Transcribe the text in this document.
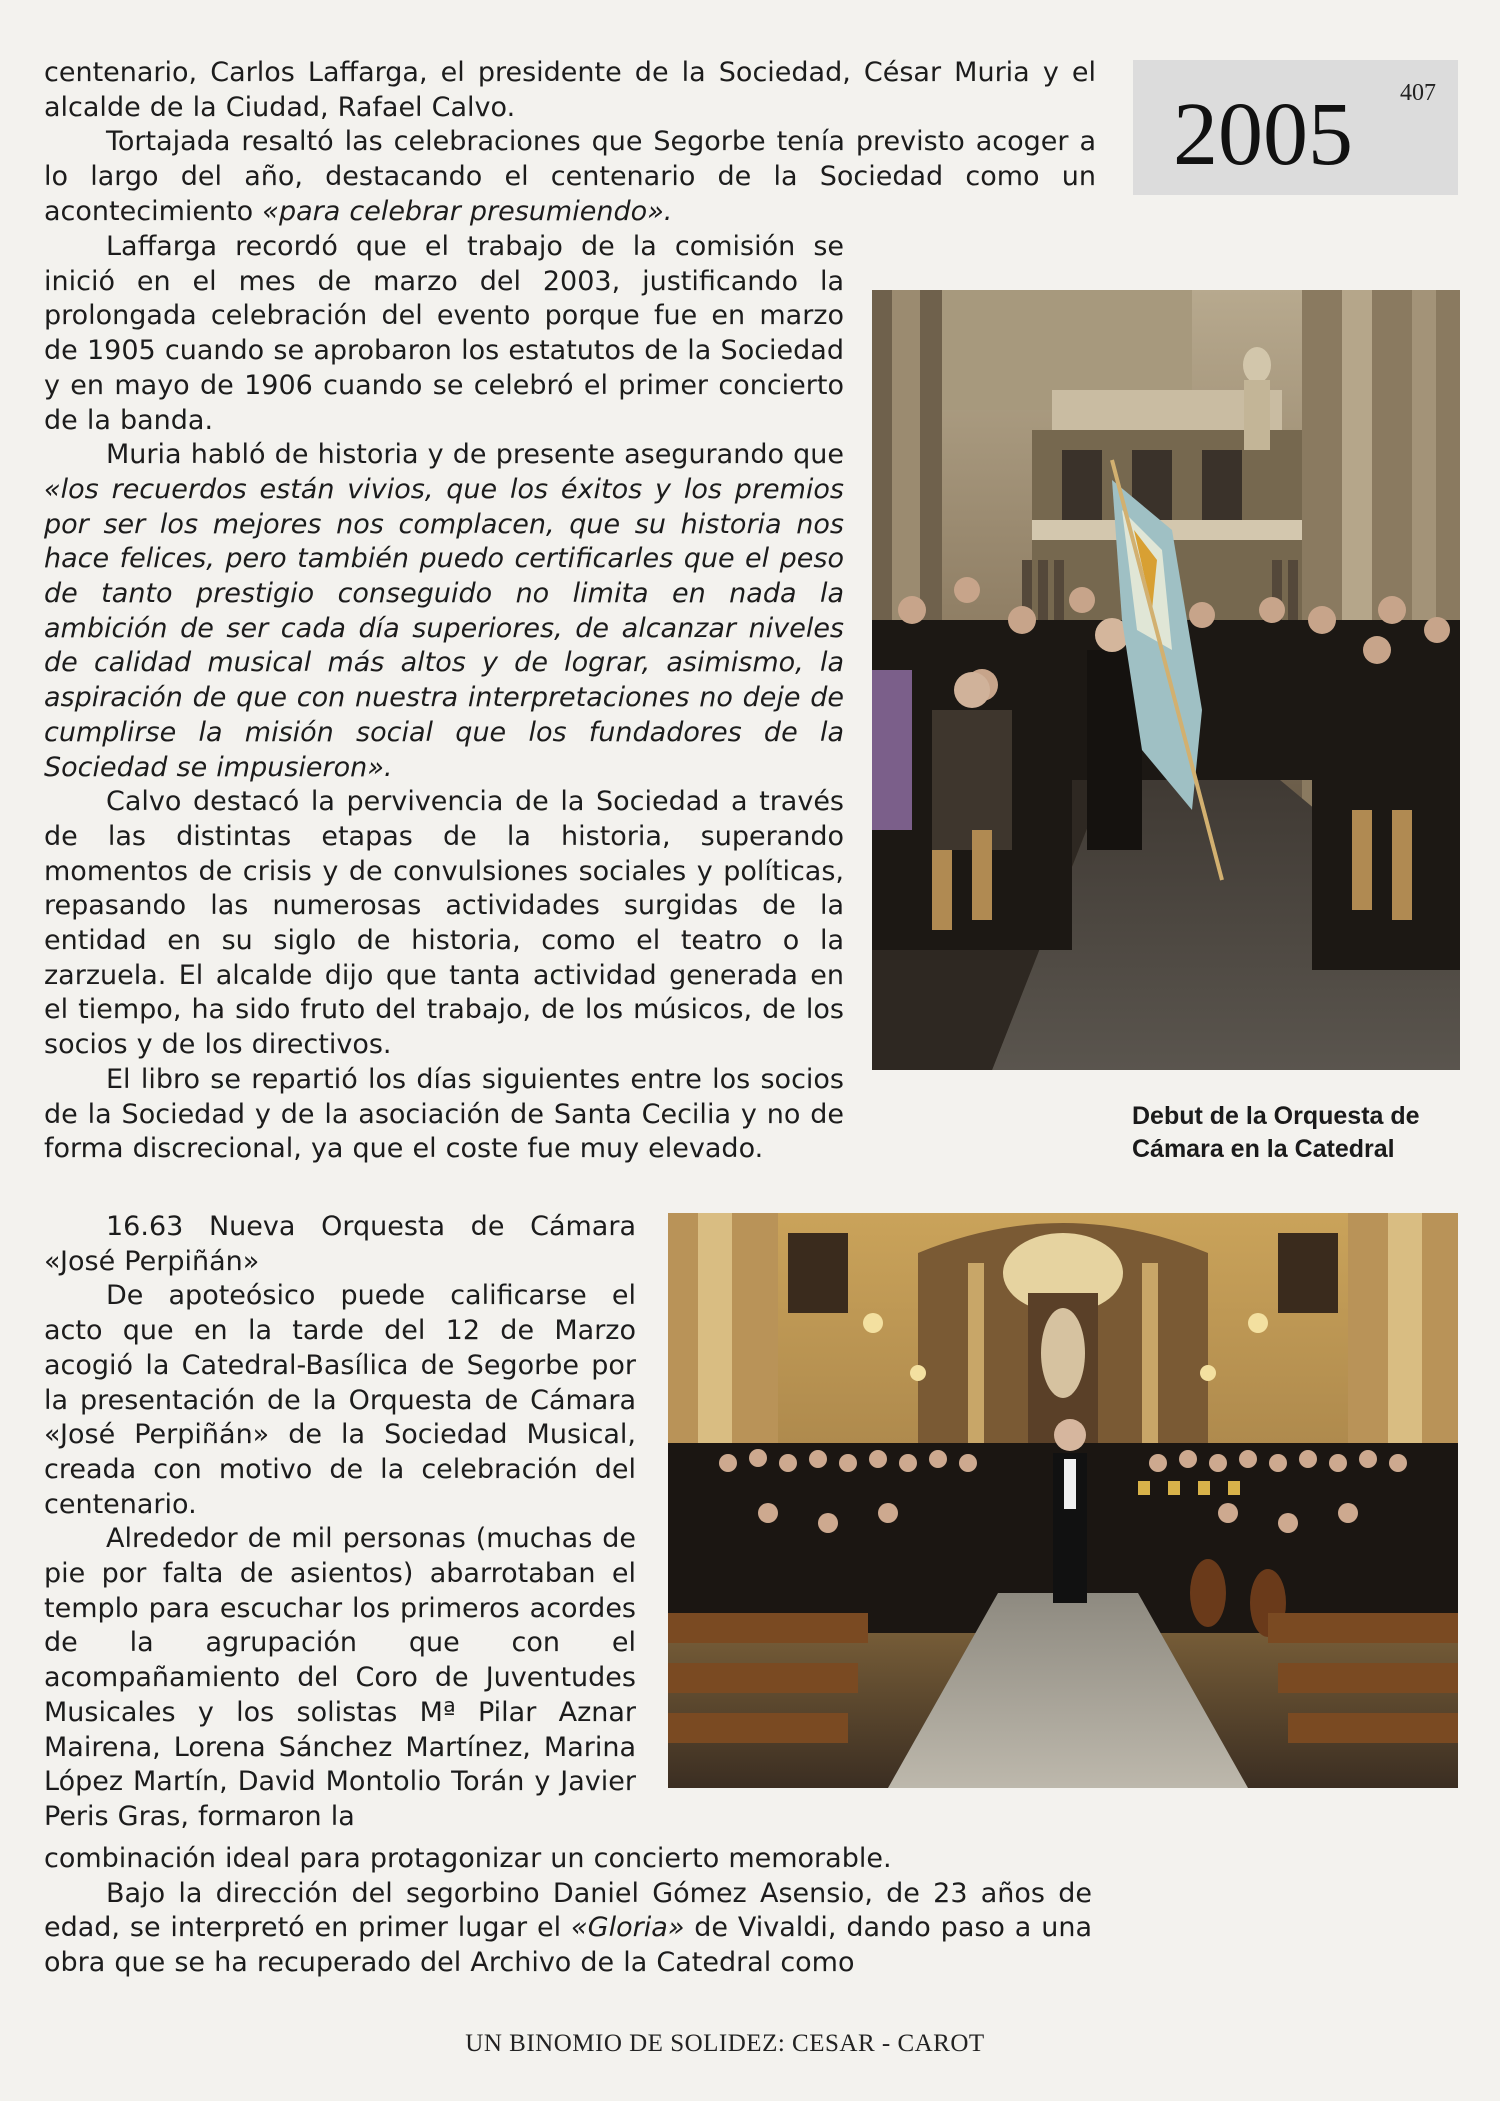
2005 407

centenario, Carlos Laffarga, el presidente de la Sociedad, César Muria y el alcalde de la Ciudad, Rafael Calvo.

Tortajada resaltó las celebraciones que Segorbe tenía previsto acoger a lo largo del año, destacando el centenario de la Sociedad como un acontecimiento «para celebrar presumiendo».

Laffarga recordó que el trabajo de la comisión se inició en el mes de marzo del 2003, justificando la prolongada celebración del evento porque fue en marzo de 1905 cuando se aprobaron los estatutos de la Sociedad y en mayo de 1906 cuando se celebró el primer concierto de la banda.

Muria habló de historia y de presente asegurando que «los recuerdos están vivios, que los éxitos y los premios por ser los mejores nos complacen, que su historia nos hace felices, pero también puedo certificarles que el peso de tanto prestigio conseguido no limita en nada la ambición de ser cada día superiores, de alcanzar niveles de calidad musical más altos y de lograr, asimismo, la aspiración de que con nuestra interpretaciones no deje de cumplirse la misión social que los fundadores de la Sociedad se impusieron».

Calvo destacó la pervivencia de la Sociedad a través de las distintas etapas de la historia, superando momentos de crisis y de convulsiones sociales y políticas, repasando las numerosas actividades surgidas de la entidad en su siglo de historia, como el teatro o la zarzuela. El alcalde dijo que tanta actividad generada en el tiempo, ha sido fruto del trabajo, de los músicos, de los socios y de los directivos.

El libro se repartió los días siguientes entre los socios de la Sociedad y de la asociación de Santa Cecilia y no de forma discrecional, ya que el coste fue muy elevado.

Debut de la Orquesta de Cámara en la Catedral

16.63 Nueva Orquesta de Cámara «José Perpiñán»

De apoteósico puede calificarse el acto que en la tarde del 12 de Marzo acogió la Catedral-Basílica de Segorbe por la presentación de la Orquesta de Cámara «José Perpiñán» de la Sociedad Musical, creada con motivo de la celebración del centenario.

Alrededor de mil personas (muchas de pie por falta de asientos) abarrotaban el templo para escuchar los primeros acordes de la agrupación que con el acompañamiento del Coro de Juventudes Musicales y los solistas Mª Pilar Aznar Mairena, Lorena Sánchez Martínez, Marina López Martín, David Montolio Torán y Javier Peris Gras, formaron la

combinación ideal para protagonizar un concierto memorable.

Bajo la dirección del segorbino Daniel Gómez Asensio, de 23 años de edad, se interpretó en primer lugar el «Gloria» de Vivaldi, dando paso a una obra que se ha recuperado del Archivo de la Catedral como

UN BINOMIO DE SOLIDEZ: CESAR - CAROT
